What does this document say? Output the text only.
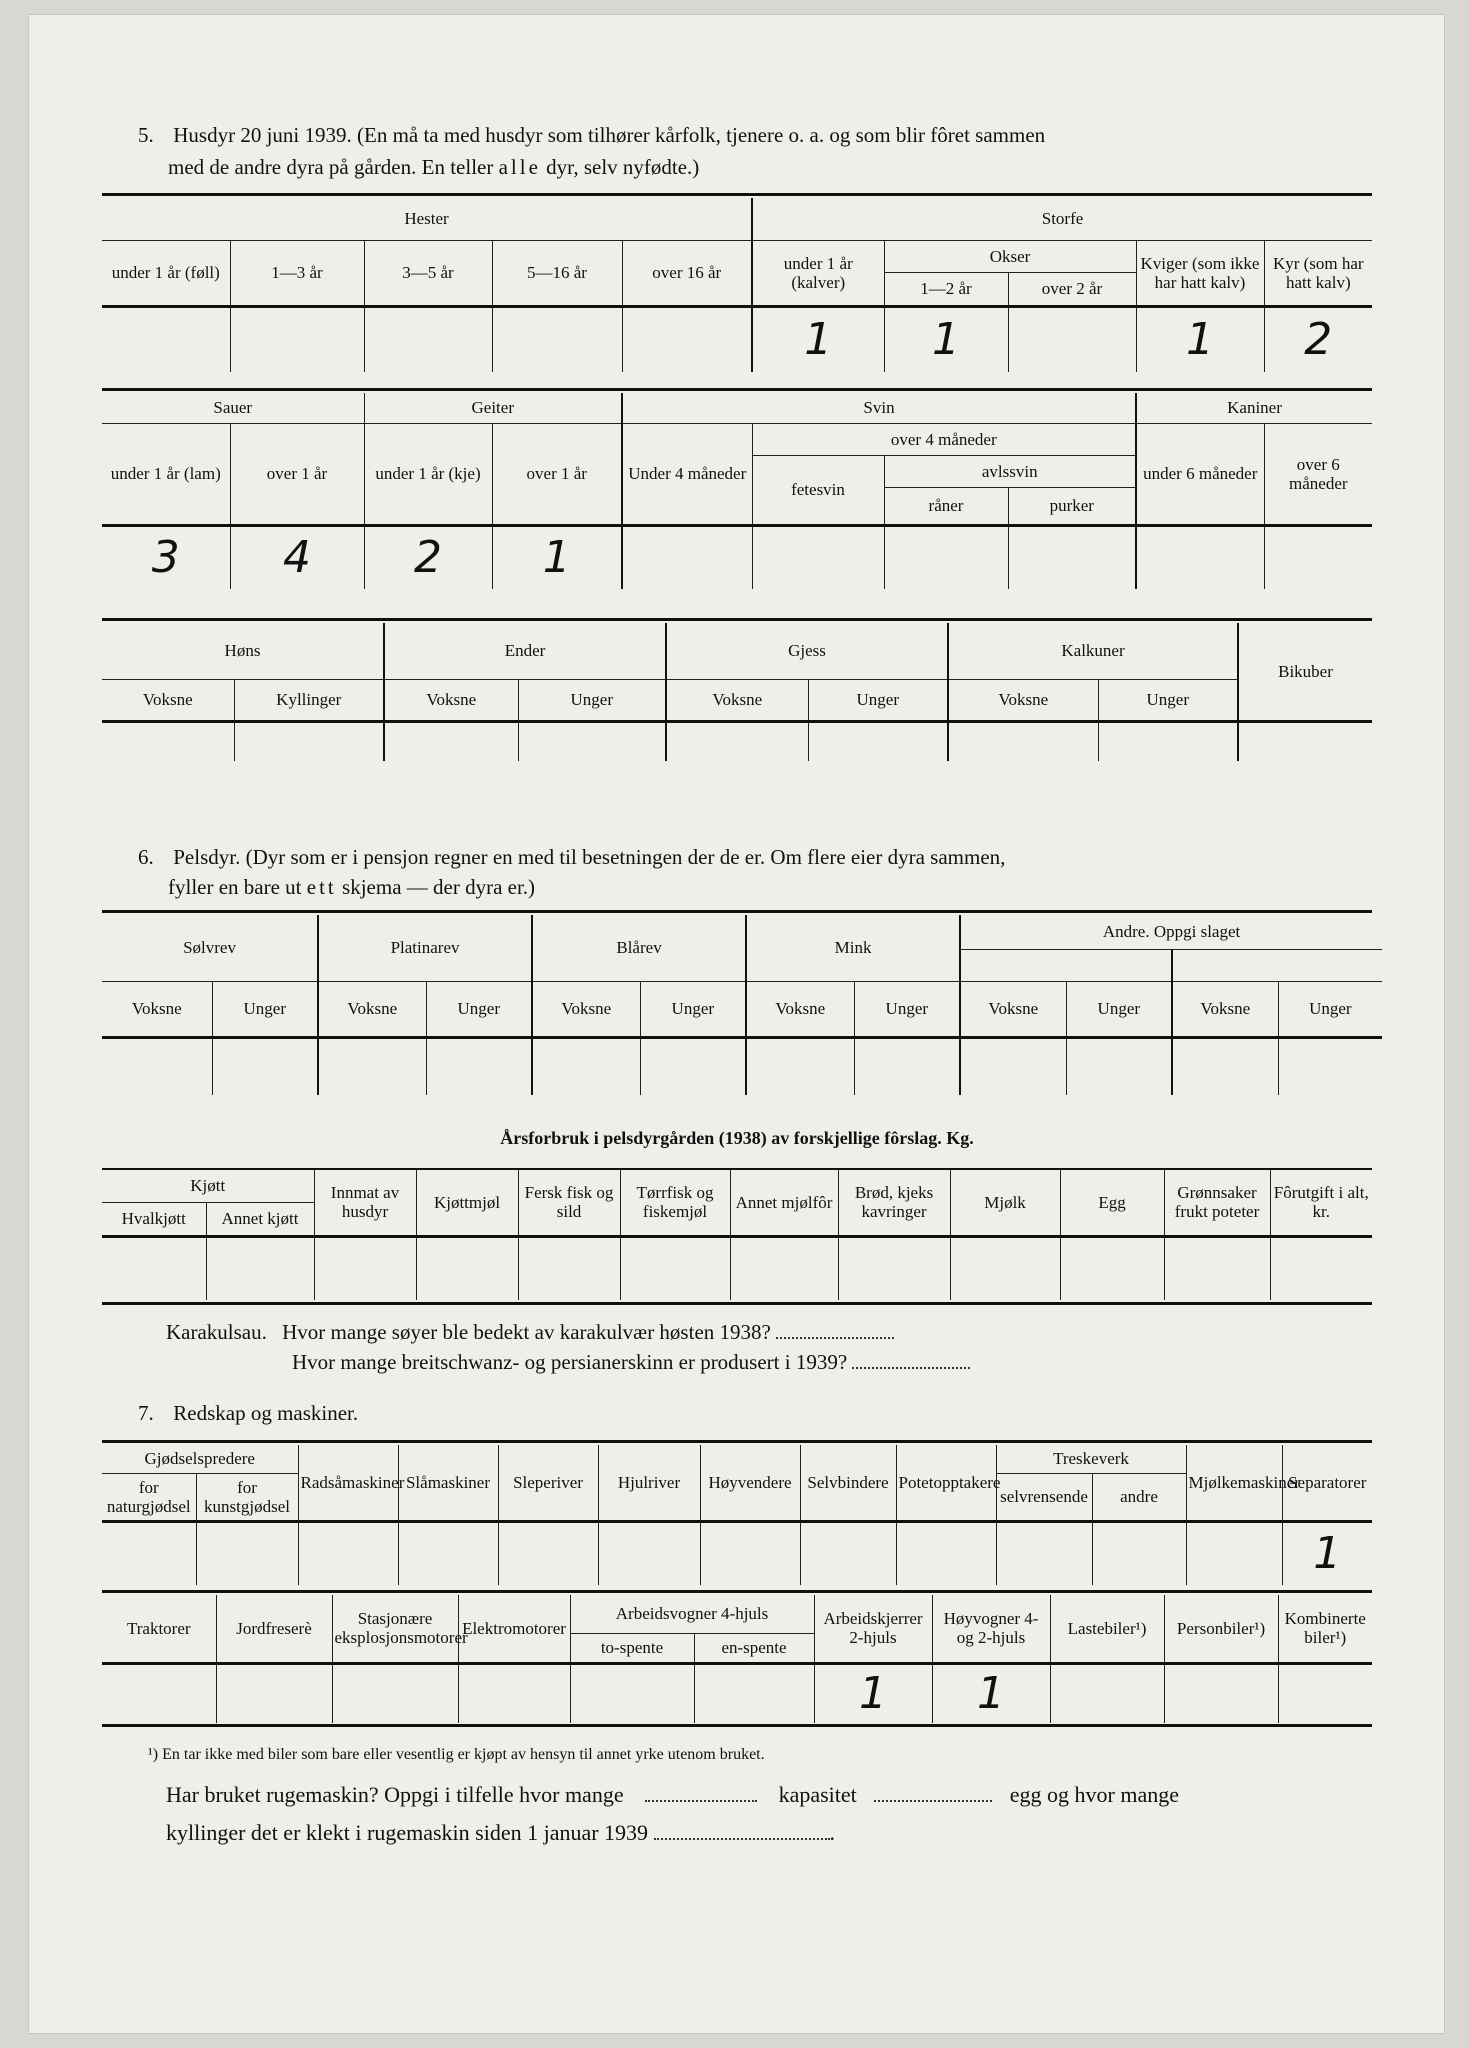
5. Husdyr 20 juni 1939. (En må ta med husdyr som tilhører kårfolk, tjenere o. a. og som blir fôret sammen
med de andre dyra på gården. En teller alle dyr, selv nyfødte.)
Hester					Storfe				
under 1 år (føll)	1—3 år	3—5 år	5—16 år	over 16 år	under 1 år (kalver)	Okser		Kviger (som ikke har hatt kalv)	Kyr (som har hatt kalv)
						1—2 år	over 2 år		
					1	1		1	2
Sauer		Geiter		Svin				Kaniner	
under 1 år (lam)	over 1 år	under 1 år (kje)	over 1 år	Under 4 måneder	over 4 måneder			under 6 måneder	over 6 måneder
					fetesvin	avlssvin			
						råner	purker		
3	4	2	1						
Høns		Ender		Gjess		Kalkuner		Bikuber
Voksne	Kyllinger	Voksne	Unger	Voksne	Unger	Voksne	Unger	

6. Pelsdyr. (Dyr som er i pensjon regner en med til besetningen der de er. Om flere eier dyra sammen,
fyller en bare ut ett skjema — der dyra er.)
Sølvrev		Platinarev		Blårev		Mink		Andre. Oppgi slaget			

Voksne	Unger	Voksne	Unger	Voksne	Unger	Voksne	Unger	Voksne	Unger	Voksne	Unger

Årsforbruk i pelsdyrgården (1938) av forskjellige fôrslag. Kg.
Kjøtt		Innmat av husdyr	Kjøttmjøl	Fersk fisk og sild	Tørrfisk og fiskemjøl	Annet mjølfôr	Brød, kjeks kavringer	Mjølk	Egg	Grønnsaker frukt poteter	Fôrutgift i alt, kr.
Hvalkjøtt	Annet kjøtt										

Karakulsau. Hvor mange søyer ble bedekt av karakulvær høsten 1938?
Hvor mange breitschwanz- og persianerskinn er produsert i 1939?
7. Redskap og maskiner.
Gjødselspredere		Radsåmaskiner	Slåmaskiner	Sleperiver	Hjulriver	Høyvendere	Selvbindere	Potetopptakere	Treskeverk		Mjølkemaskiner	Separatorer
for naturgjødsel	for kunstgjødsel								selvrensende	andre		
												1
Traktorer	Jordfreserè	Stasjonære eksplosjonsmotorer	Elektromotorer	Arbeidsvogner 4-hjuls		Arbeidskjerrer 2-hjuls	Høyvogner 4- og 2-hjuls	Lastebiler¹)	Personbiler¹)	Kombinerte biler¹)
				to-spente	en-spente					
						1	1			
¹) En tar ikke med biler som bare eller vesentlig er kjøpt av hensyn til annet yrke utenom bruket.
Har bruket rugemaskin? Oppgi i tilfelle hvor mange	kapasitet	egg og hvor mange
kyllinger det er klekt i rugemaskin siden 1 januar 1939	.
